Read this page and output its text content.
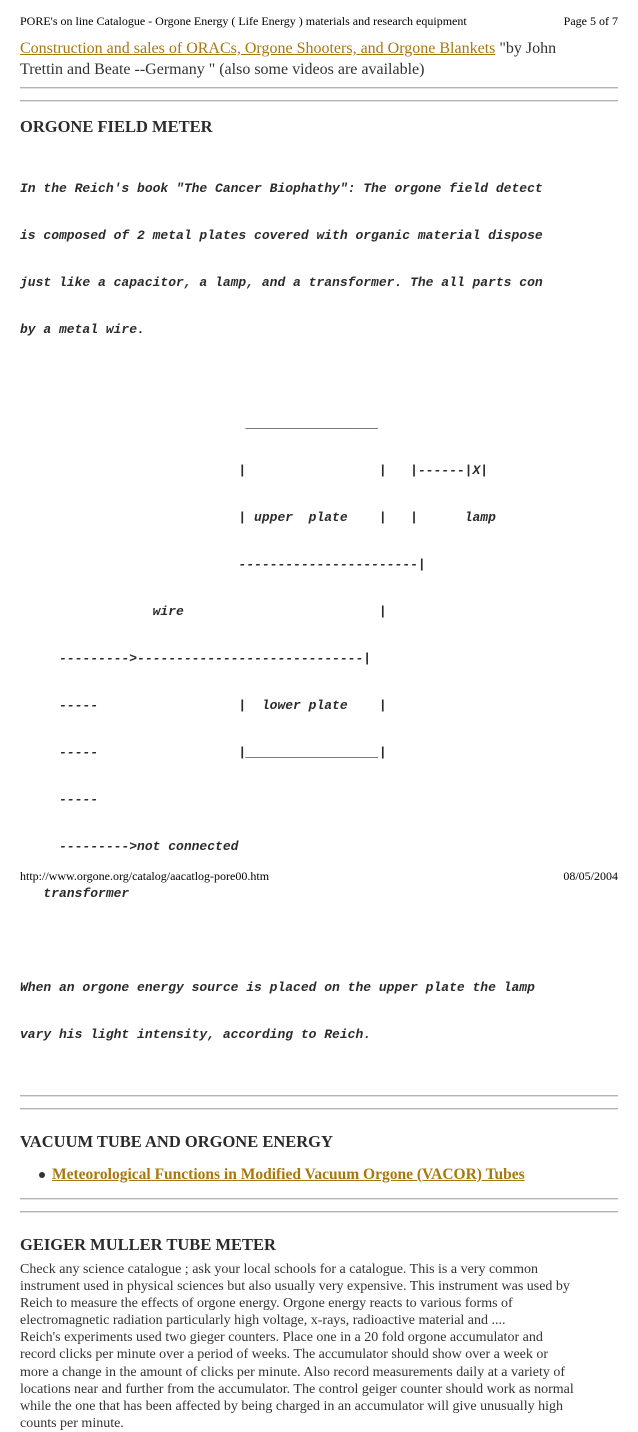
PORE's on line Catalogue - Orgone Energy ( Life Energy ) materials and research equipment	Page 5 of 7
Construction and sales of ORACs, Orgone Shooters, and Orgone Blankets "by John
Trettin and Beate --Germany " (also some videos are available)
ORGONE FIELD METER

In the Reich's book "The Cancer Biophathy": The orgone field detect

is composed of 2 metal plates covered with organic material dispose

just like a capacitor, a lamp, and a transformer. The all parts con

by a metal wire.

_________________

|                 |   |------|X|

| upper  plate    |   |      lamp

-----------------------|

wire                         |

--------->-----------------------------|

-----                  |  lower plate    |

-----                  |_________________|

-----

--------->not connected

transformer

When an orgone energy source is placed on the upper plate the lamp

vary his light intensity, according to Reich.

VACUUM TUBE AND ORGONE ENERGY
Meteorological Functions in Modified Vacuum Orgone (VACOR) Tubes
GEIGER MULLER TUBE METER
Check any science catalogue ; ask your local schools for a catalogue. This is a very common
instrument used in physical sciences but also usually very expensive. This instrument was used by
Reich to measure the effects of orgone energy. Orgone energy reacts to various forms of
electromagnetic radiation particularly high voltage, x-rays, radioactive material and ....
Reich's experiments used two gieger counters. Place one in a 20 fold orgone accumulator and
record clicks per minute over a period of weeks. The accumulator should show over a week or
more a change in the amount of clicks per minute. Also record measurements daily at a variety of
locations near and further from the accumulator. The control geiger counter should work as normal
while the one that has been affected by being charged in an accumulator will give unusually high
counts per minute.
http://www.orgone.org/catalog/aacatlog-pore00.htm	08/05/2004
